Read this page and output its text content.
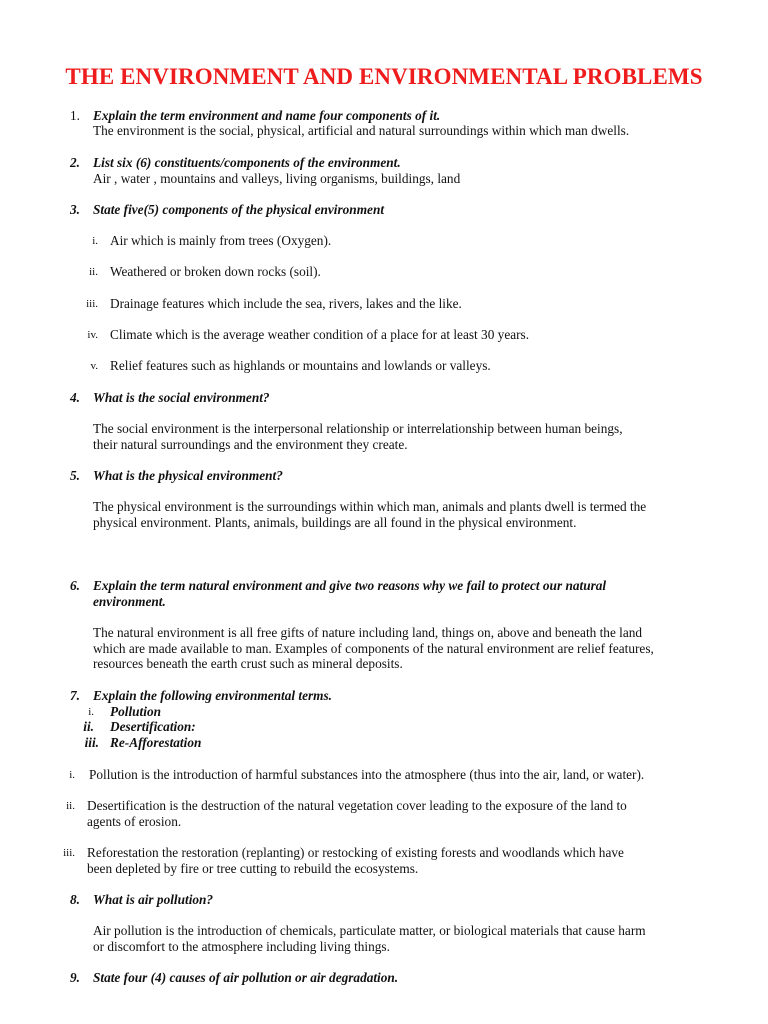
THE ENVIRONMENT AND ENVIRONMENTAL PROBLEMS
1. Explain the term environment and name four components of it.
The environment is the social, physical, artificial and natural surroundings within which man dwells.
2. List six (6) constituents/components of the environment.
Air , water , mountains and valleys, living organisms, buildings, land
3. State five(5) components of the physical environment
i. Air which is mainly from trees (Oxygen).
ii. Weathered or broken down rocks (soil).
iii. Drainage features which include the sea, rivers, lakes and the like.
iv. Climate which is the average weather condition of a place for at least 30 years.
v. Relief features such as highlands or mountains and lowlands or valleys.
4. What is the social environment?
The social environment is the interpersonal relationship or interrelationship between human beings,
their natural surroundings and the environment they create.
5. What is the physical environment?
The physical environment is the surroundings within which man, animals and plants dwell is termed the
physical environment. Plants, animals, buildings are all found in the physical environment.
6. Explain the term natural environment and give two reasons why we fail to protect our natural
environment.
The natural environment is all free gifts of nature including land, things on, above and beneath the land
which are made available to man. Examples of components of the natural environment are relief features,
resources beneath the earth crust such as mineral deposits.
7. Explain the following environmental terms.
i. Pollution
ii. Desertification:
iii. Re-Afforestation
i. Pollution is the introduction of harmful substances into the atmosphere (thus into the air, land, or water).
ii. Desertification is the destruction of the natural vegetation cover leading to the exposure of the land to
agents of erosion.
iii. Reforestation the restoration (replanting) or restocking of existing forests and woodlands which have
been depleted by fire or tree cutting to rebuild the ecosystems.
8. What is air pollution?
Air pollution is the introduction of chemicals, particulate matter, or biological materials that cause harm
or discomfort to the atmosphere including living things.
9. State four (4) causes of air pollution or air degradation.
